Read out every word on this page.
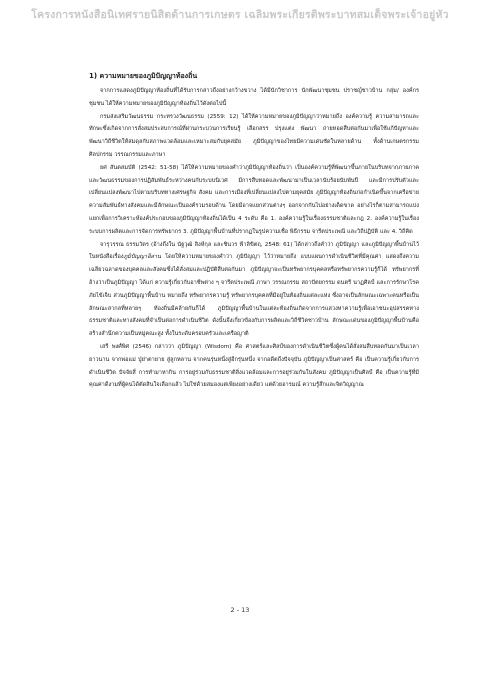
โครงการหนังสือนิเทศรายนิสิตด้านการเกษตร เฉลิมพระเกียรติพระบาทสมเด็จพระเจ้าอยู่หัว

1) ความหมายของภูมิปัญญาท้องถิ่น

จากการแสดงภูมิปัญญาท้องถิ่นที่ได้รับการกล่าวถึงอย่างกว้างขวาง ได้มีนักวิชาการ นักพัฒนาชุมชน ปราชญ์ชาวบ้าน กลุ่ม/ องค์กรชุมชน ได้ให้ความหมายของภูมิปัญญาท้องถิ่นไว้ดังต่อไปนี้

กรมส่งเสริมวัฒนธรรม กระทรวงวัฒนธรรม (2559: 12) ได้ให้ความหมายของภูมิปัญญาว่าหมายถึง องค์ความรู้ ความสามารถและทักษะซึ่งเกิดจากการสั่งสมประสบการณ์ที่ผ่านกระบวนการเรียนรู้ เลือกสรร ปรุงแต่ง พัฒนา ถ่ายทอดสืบต่อกันมาเพื่อใช้แก้ปัญหาและพัฒนาวิถีชีวิตให้สมดุลกับสภาพแวดล้อมและเหมาะสมกับยุคสมัย ภูมิปัญญาของไทยมีความเด่นชัดในหลายด้าน ทั้งด้านเกษตรกรรม ศิลปกรรม วรรณกรรมและภาษา

ยศ สันตสมบัติ (2542: 51-58) ได้ให้ความหมายของคำว่าภูมิปัญญาท้องถิ่นว่า เป็นองค์ความรู้ที่พัฒนาขึ้นภายในบริบทจากภายภาคและวัฒนธรรมของการปฏิสัมพันธ์ระหว่างคนกับระบบนิเวศ มีการสืบทอดและพัฒนามาเป็นเวลานับร้อยนับพันปี และมีการปรับตัวและเปลี่ยนแปลงพัฒนาไปตามบริบททางเศรษฐกิจ สังคม และการเมืองที่เปลี่ยนแปลงไปตามยุคสมัย ภูมิปัญญาท้องถิ่นก่อกำเนิดขึ้นจากเครือข่ายความสัมพันธ์ทางสังคมและมีลักษณะเป็นองค์รวมรอบด้าน โดยมีอาจแยกส่วนต่างๆ ออกจากกันไปอย่างเด็ดขาด อย่างไรก็ตามสามารถแบ่งแยกเพื่อการวิเคราะห์องค์ประกอบของภูมิปัญญาท้องถิ่นได้เป็น 4 ระดับ คือ 1. องค์ความรู้ในเรื่องธรรมชาติและกฎ 2. องค์ความรู้ในเรื่องระบบการผลิตและการจัดการทรัพยากร 3. ภูมิปัญญาพื้นบ้านที่ปรากฏในรูปความเชื่อ พิธีกรรม จารีตประเพณี และวิถีปฏิบัติ และ 4. วิถีคิด

จารุวรรณ ธรรมวัตร (อ้างถึงใน นัฐวุฒิ สิงห์กุล และชินวร ฟ้าลิขิตฤ, 2548: 61) ได้กล่าวถึงคำว่า ภูมิปัญญา และภูมิปัญญาพื้นบ้านไว้ในหนังสือเรื่องภูมิปัญญาอีสาน โดยให้ความหมายของคำว่า ภูมิปัญญา ไว้ว่าหมายถึง แบบแผนการดำเนินชีวิตที่มีคุณค่า แสดงถึงความเฉลียวฉลาดของบุคคลและสังคมซึ่งได้สั่งสมและปฏิบัติสืบต่อกันมา ภูมิปัญญาจะเป็นทรัพยากรบุคคลหรือทรัพยากรความรู้ก็ได้ ทรัพยากรที่อ้างว่าเป็นภูมิปัญญา ได้แก่ ความรู้เกี่ยวกับอาชีพต่าง ๆ จารีตประเพณี ภาษา วรรณกรรม สถาปัตยกรรม ดนตรี นาฏศิลป์ และการรักษาโรคภัยไข้เจ็บ ส่วนภูมิปัญญาพื้นบ้าน หมายถึง ทรัพยากรความรู้ ทรัพยากรบุคคลที่มีอยู่ในท้องถิ่นแต่ละแห่ง ซึ่งอาจเป็นลักษณะเฉพาะคนหรือเป็นลักษณะสากลที่หลายๆ ท้องถิ่นมีคล้ายกันก็ได้ ภูมิปัญญาพื้นบ้านในแต่ละท้องถิ่นเกิดจากการแสวงหาความรู้เพื่อเอาชนะอุปสรรคทางธรรมชาติและทางสังคมที่จำเป็นต่อการดำเนินชีวิต ดังนั้นจึงเกี่ยวข้องกับการผลิตและวิถีชีวิตชาวบ้าน ลักษณะเด่นของภูมิปัญญาพื้นบ้านคือ สร้างสำนึกความเป็นหมู่คณะสูง ทั้งในระดับครอบครัวและเครือญาติ

เสรี พงศ์พิศ (2546) กล่าวว่า ภูมิปัญญา (Wisdom) คือ ศาสตร์และศิลป์ของการดำเนินชีวิตซึ่งผู้คนได้สั่งสมสืบทอดกันมาเป็นเวลายาวนาน จากพ่อแม่ ปู่ย่าตายาย สู่ลูกหลาน จากคนรุ่นหนึ่งสู่อีกรุ่นหนึ่ง จากอดีตถึงปัจจุบัน ภูมิปัญญาเป็นศาสตร์ คือ เป็นความรู้เกี่ยวกับการดำเนินชีวิต ปัจจัยสี่ การทำมาหากิน การอยู่ร่วมกับธรรมชาติสิ่งแวดล้อมและการอยู่ร่วมกันในสังคม ภูมิปัญญาเป็นศิลป์ คือ เป็นความรู้ที่มีคุณค่าดีงามที่ผู้คนได้ตัดสินใจเลือกแล้ว ไม่ใช่ด้วยสมองแต่เพียงอย่างเดียว แต่ด้วยอารมณ์ ความรู้สึกและจิตวิญญาณ

2 - 13
